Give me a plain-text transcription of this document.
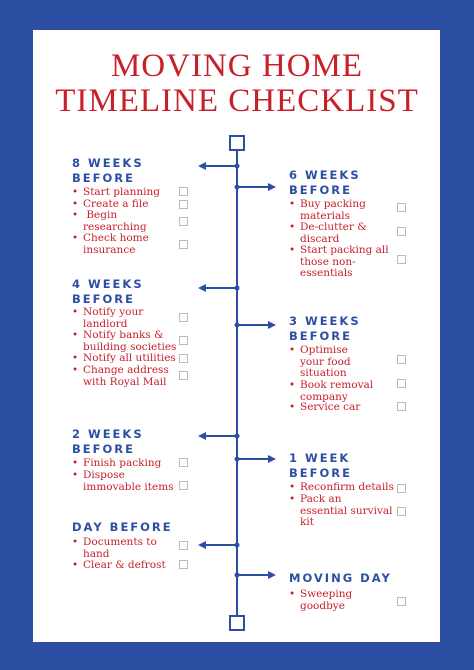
MOVING HOME
TIMELINE CHECKLIST
8 WEEKS
BEFORE
• Start planning
• Create a file
•  Begin
researching
• Check home
insurance
6 WEEKS
BEFORE
• Buy packing
materials
• De-clutter &
discard
• Start packing all
those non-
essentials
4 WEEKS
BEFORE
• Notify your
landlord
• Notify banks &
building societies
• Notify all utilities
• Change address
with Royal Mail
3 WEEKS
BEFORE
• Optimise
your food
situation
• Book removal
company
• Service car
2 WEEKS
BEFORE
• Finish packing
• Dispose
immovable items
1 WEEK
BEFORE
• Reconfirm details
• Pack an
essential survival
kit
DAY BEFORE
• Documents to
hand
• Clear & defrost
MOVING DAY
• Sweeping
goodbye
